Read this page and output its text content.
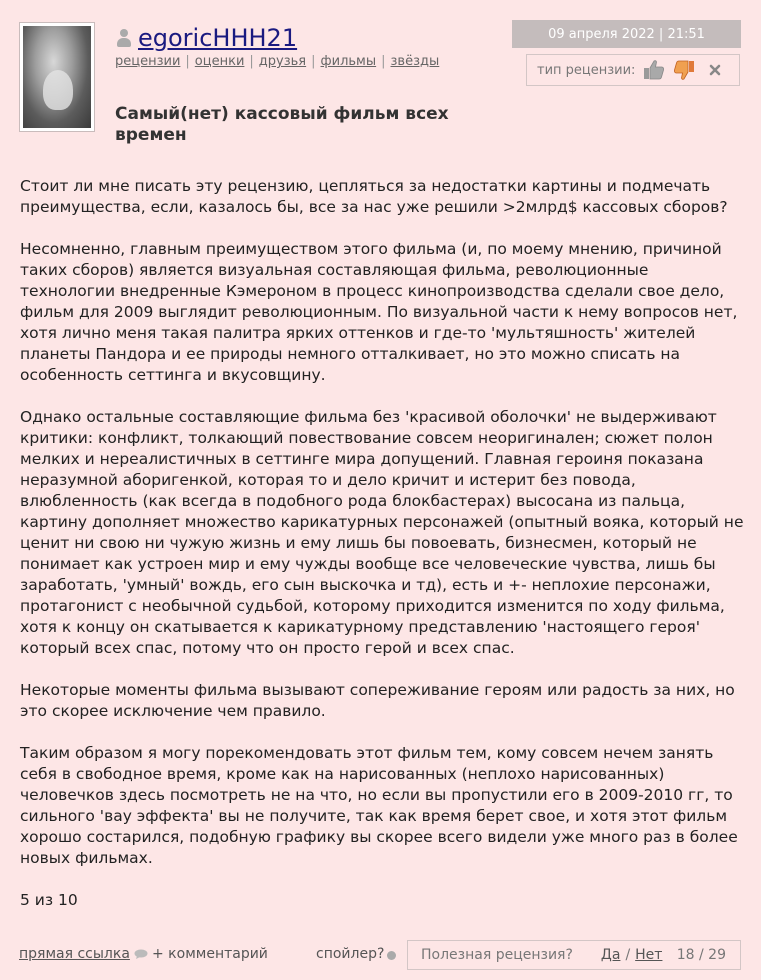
egoricHHH21
рецензии | оценки | друзья | фильмы | звёзды
09 апреля 2022 | 21:51
тип рецензии:
Самый(нет) кассовый фильм всех времен

Стоит ли мне писать эту рецензию, цепляться за недостатки картины и подмечать преимущества, если, казалось бы, все за нас уже решили >2млрд$ кассовых сборов?

Несомненно, главным преимуществом этого фильма (и, по моему мнению, причиной таких сборов) является визуальная составляющая фильма, революционные технологии внедренные Кэмероном в процесс кинопроизводства сделали свое дело, фильм для 2009 выглядит революционным. По визуальной части к нему вопросов нет, хотя лично меня такая палитра ярких оттенков и где-то 'мультяшность' жителей планеты Пандора и ее природы немного отталкивает, но это можно списать на особенность сеттинга и вкусовщину.

Однако остальные составляющие фильма без 'красивой оболочки' не выдерживают критики: конфликт, толкающий повествование совсем неоригинален; сюжет полон мелких и нереалистичных в сеттинге мира допущений. Главная героиня показана неразумной аборигенкой, которая то и дело кричит и истерит без повода, влюбленность (как всегда в подобного рода блокбастерах) высосана из пальца, картину дополняет множество карикатурных персонажей (опытный вояка, который не ценит ни свою ни чужую жизнь и ему лишь бы повоевать, бизнесмен, который не понимает как устроен мир и ему чужды вообще все человеческие чувства, лишь бы заработать, 'умный' вождь, его сын выскочка и тд), есть и +- неплохие персонажи, протагонист с необычной судьбой, которому приходится изменится по ходу фильма, хотя к концу он скатывается к карикатурному представлению 'настоящего героя' который всех спас, потому что он просто герой и всех спас.

Некоторые моменты фильма вызывают сопереживание героям или радость за них, но это скорее исключение чем правило.

Таким образом я могу порекомендовать этот фильм тем, кому совсем нечем занять себя в свободное время, кроме как на нарисованных (неплохо нарисованных) человечков здесь посмотреть не на что, но если вы пропустили его в 2009-2010 гг, то сильного 'вау эффекта' вы не получите, так как время берет свое, и хотя этот фильм хорошо состарился, подобную графику вы скорее всего видели уже много раз в более новых фильмах.

5 из 10

прямая ссылка + комментарий	спойлер?	Полезная рецензия? Да / Нет 18 / 29
